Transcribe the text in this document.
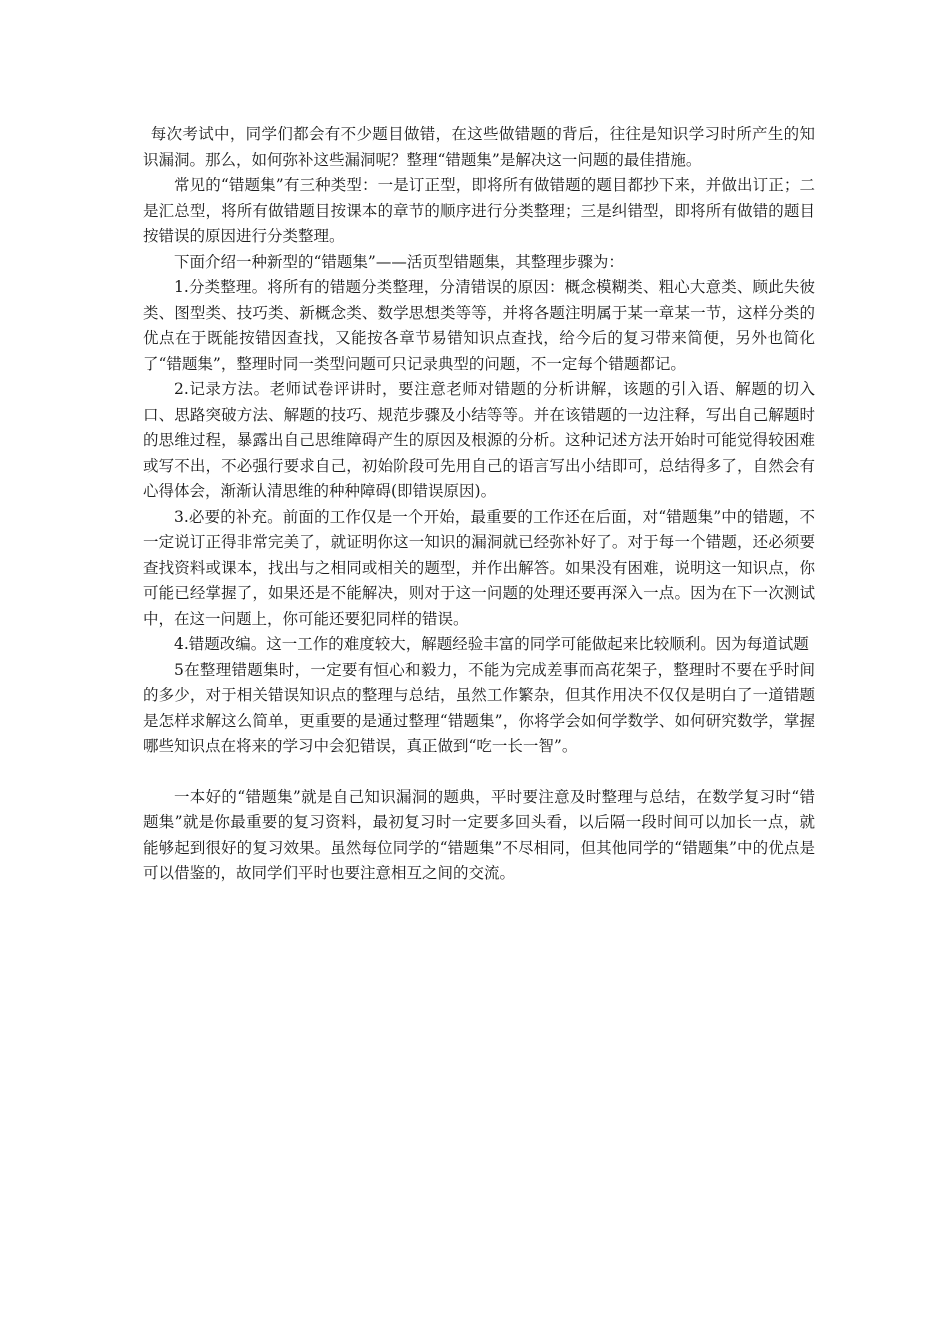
每次考试中，同学们都会有不少题目做错，在这些做错题的背后，往往是知识学习时所产生的知识漏洞。那么，如何弥补这些漏洞呢？整理“错题集”是解决这一问题的最佳措施。

常见的“错题集”有三种类型：一是订正型，即将所有做错题的题目都抄下来，并做出订正；二是汇总型，将所有做错题目按课本的章节的顺序进行分类整理；三是纠错型，即将所有做错的题目按错误的原因进行分类整理。

下面介绍一种新型的“错题集”——活页型错题集，其整理步骤为：

1.分类整理。将所有的错题分类整理，分清错误的原因：概念模糊类、粗心大意类、顾此失彼类、图型类、技巧类、新概念类、数学思想类等等，并将各题注明属于某一章某一节，这样分类的优点在于既能按错因查找，又能按各章节易错知识点查找，给今后的复习带来简便，另外也简化了“错题集”，整理时同一类型问题可只记录典型的问题，不一定每个错题都记。

2.记录方法。老师试卷评讲时，要注意老师对错题的分析讲解，该题的引入语、解题的切入口、思路突破方法、解题的技巧、规范步骤及小结等等。并在该错题的一边注释，写出自己解题时的思维过程，暴露出自己思维障碍产生的原因及根源的分析。这种记述方法开始时可能觉得较困难或写不出，不必强行要求自己，初始阶段可先用自己的语言写出小结即可，总结得多了，自然会有心得体会，渐渐认清思维的种种障碍(即错误原因)。

3.必要的补充。前面的工作仅是一个开始，最重要的工作还在后面，对“错题集”中的错题，不一定说订正得非常完美了，就证明你这一知识的漏洞就已经弥补好了。对于每一个错题，还必须要查找资料或课本，找出与之相同或相关的题型，并作出解答。如果没有困难，说明这一知识点，你可能已经掌握了，如果还是不能解决，则对于这一问题的处理还要再深入一点。因为在下一次测试中，在这一问题上，你可能还要犯同样的错误。

4.错题改编。这一工作的难度较大，解题经验丰富的同学可能做起来比较顺利。因为每道试题

5在整理错题集时，一定要有恒心和毅力，不能为完成差事而高花架子，整理时不要在乎时间的多少，对于相关错误知识点的整理与总结，虽然工作繁杂，但其作用决不仅仅是明白了一道错题是怎样求解这么简单，更重要的是通过整理“错题集”，你将学会如何学数学、如何研究数学，掌握哪些知识点在将来的学习中会犯错误，真正做到“吃一长一智”。

一本好的“错题集”就是自己知识漏洞的题典，平时要注意及时整理与总结，在数学复习时“错题集”就是你最重要的复习资料，最初复习时一定要多回头看，以后隔一段时间可以加长一点，就能够起到很好的复习效果。虽然每位同学的“错题集”不尽相同，但其他同学的“错题集”中的优点是可以借鉴的，故同学们平时也要注意相互之间的交流。
